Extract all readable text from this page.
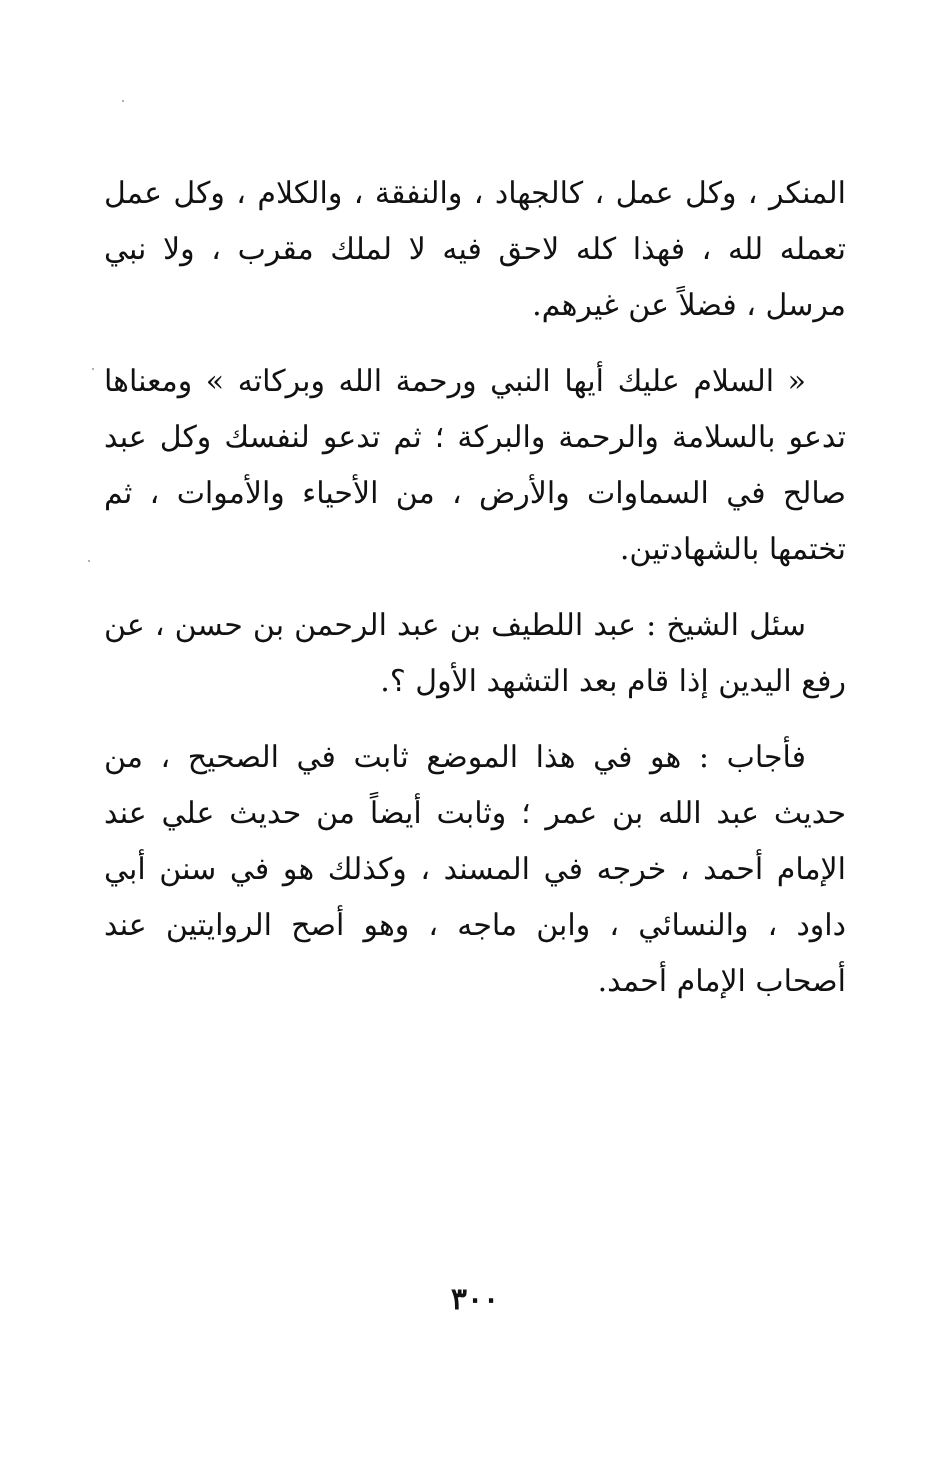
المنكر ، وكل عمل ، كالجهاد ، والنفقة ، والكلام ، وكل عمل تعمله لله ، فهذا كله لاحق فيه لا لملك مقرب ، ولا نبي مرسل ، فضلاً عن غيرهم.

« السلام عليك أيها النبي ورحمة الله وبركاته » ومعناها تدعو بالسلامة والرحمة والبركة ؛ ثم تدعو لنفسك وكل عبد صالح في السماوات والأرض ، من الأحياء والأموات ، ثم تختمها بالشهادتين.

سئل الشيخ : عبد اللطيف بن عبد الرحمن بن حسن ، عن رفع اليدين إذا قام بعد التشهد الأول ؟.

فأجاب : هو في هذا الموضع ثابت في الصحيح ، من حديث عبد الله بن عمر ؛ وثابت أيضاً من حديث علي عند الإمام أحمد ، خرجه في المسند ، وكذلك هو في سنن أبي داود ، والنسائي ، وابن ماجه ، وهو أصح الروايتين عند أصحاب الإمام أحمد.

٣٠٠
